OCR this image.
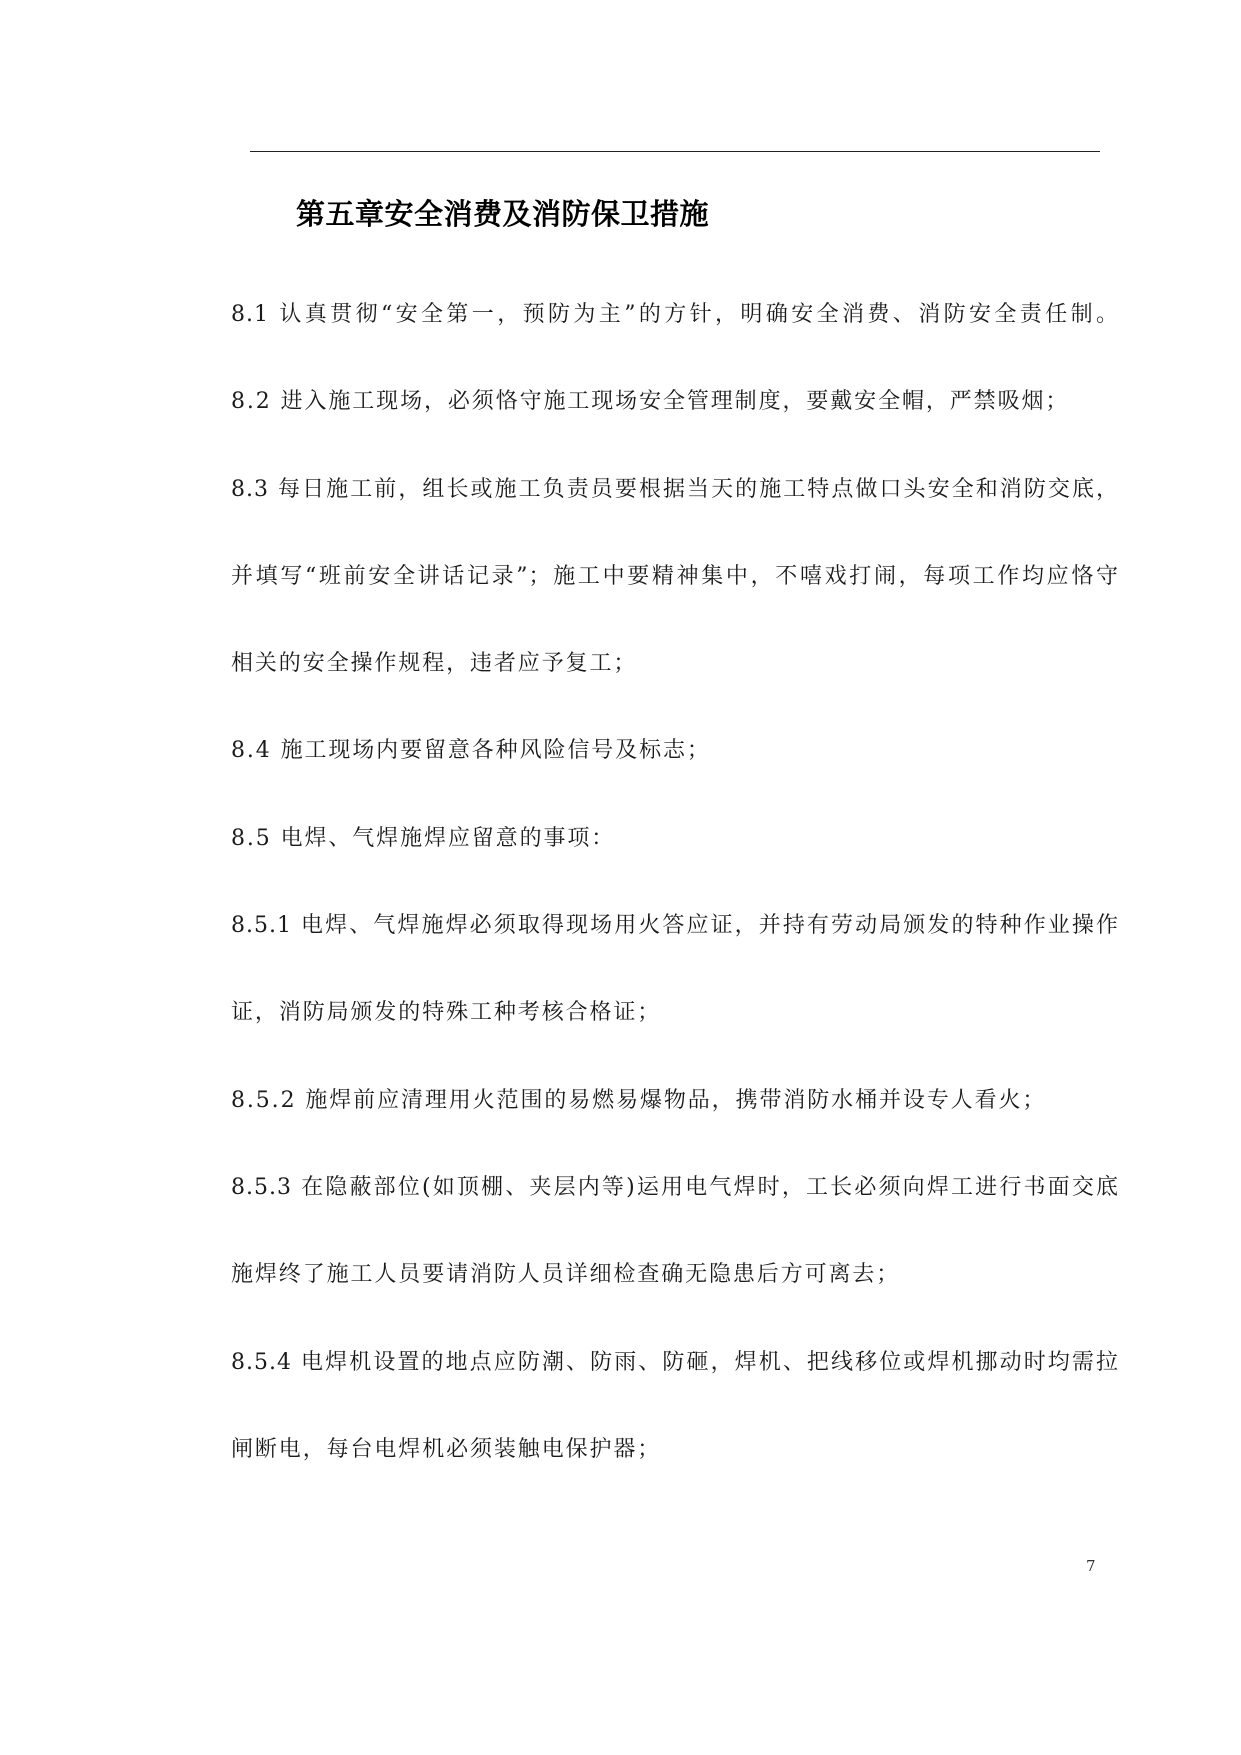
第五章安全消费及消防保卫措施
8.1 认真贯彻“安全第一，预防为主”的方针，明确安全消费、消防安全责任制。
8.2 进入施工现场，必须恪守施工现场安全管理制度，要戴安全帽，严禁吸烟；
8.3 每日施工前，组长或施工负责员要根据当天的施工特点做口头安全和消防交底，
并填写“班前安全讲话记录”；施工中要精神集中，不嘻戏打闹，每项工作均应恪守
相关的安全操作规程，违者应予复工；
8.4 施工现场内要留意各种风险信号及标志；
8.5 电焊、气焊施焊应留意的事项：
8.5.1 电焊、气焊施焊必须取得现场用火答应证，并持有劳动局颁发的特种作业操作
证，消防局颁发的特殊工种考核合格证；
8.5.2 施焊前应清理用火范围的易燃易爆物品，携带消防水桶并设专人看火；
8.5.3 在隐蔽部位(如顶棚、夹层内等)运用电气焊时，工长必须向焊工进行书面交底
施焊终了施工人员要请消防人员详细检查确无隐患后方可离去；
8.5.4 电焊机设置的地点应防潮、防雨、防砸，焊机、把线移位或焊机挪动时均需拉
闸断电，每台电焊机必须装触电保护器；
7
